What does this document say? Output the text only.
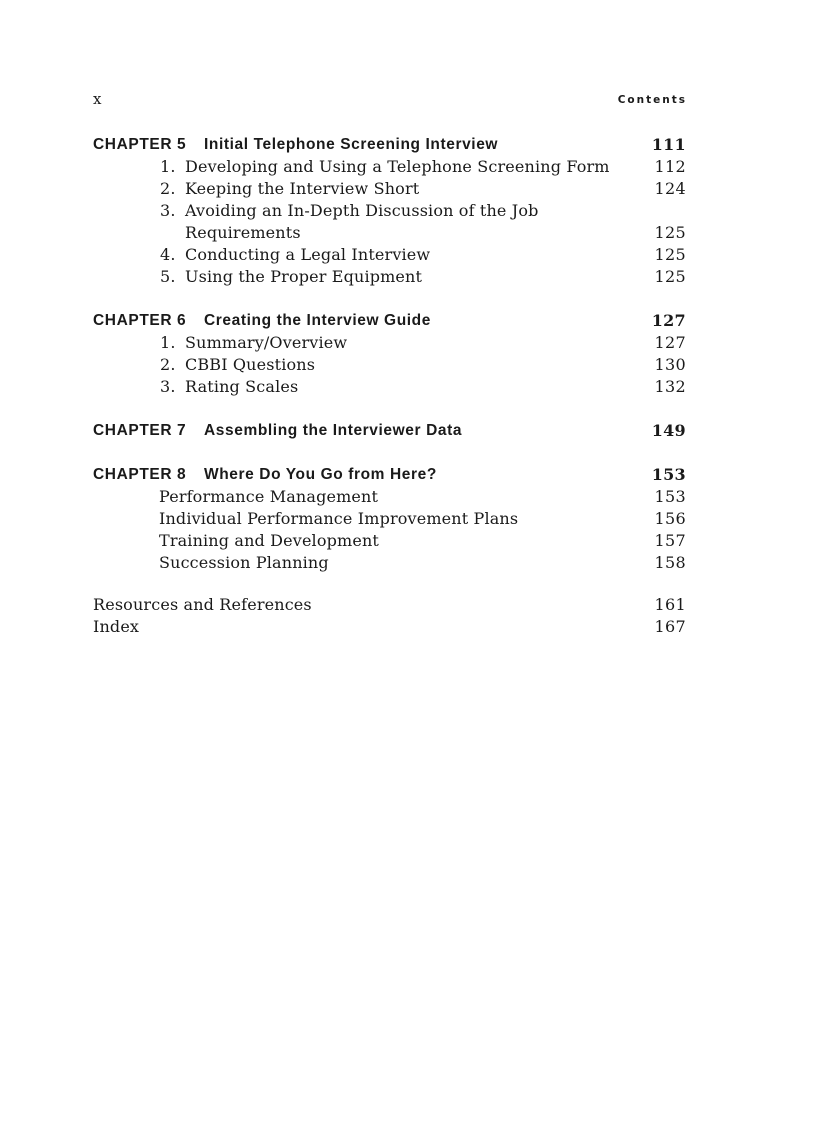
x	Contents
CHAPTER 5 Initial Telephone Screening Interview	111
1. Developing and Using a Telephone Screening Form	112
2. Keeping the Interview Short	124
3. Avoiding an In-Depth Discussion of the Job
Requirements	125
4. Conducting a Legal Interview	125
5. Using the Proper Equipment	125
CHAPTER 6 Creating the Interview Guide	127
1. Summary/Overview	127
2. CBBI Questions	130
3. Rating Scales	132
CHAPTER 7 Assembling the Interviewer Data	149
CHAPTER 8 Where Do You Go from Here?	153
Performance Management	153
Individual Performance Improvement Plans	156
Training and Development	157
Succession Planning	158
Resources and References	161
Index	167
